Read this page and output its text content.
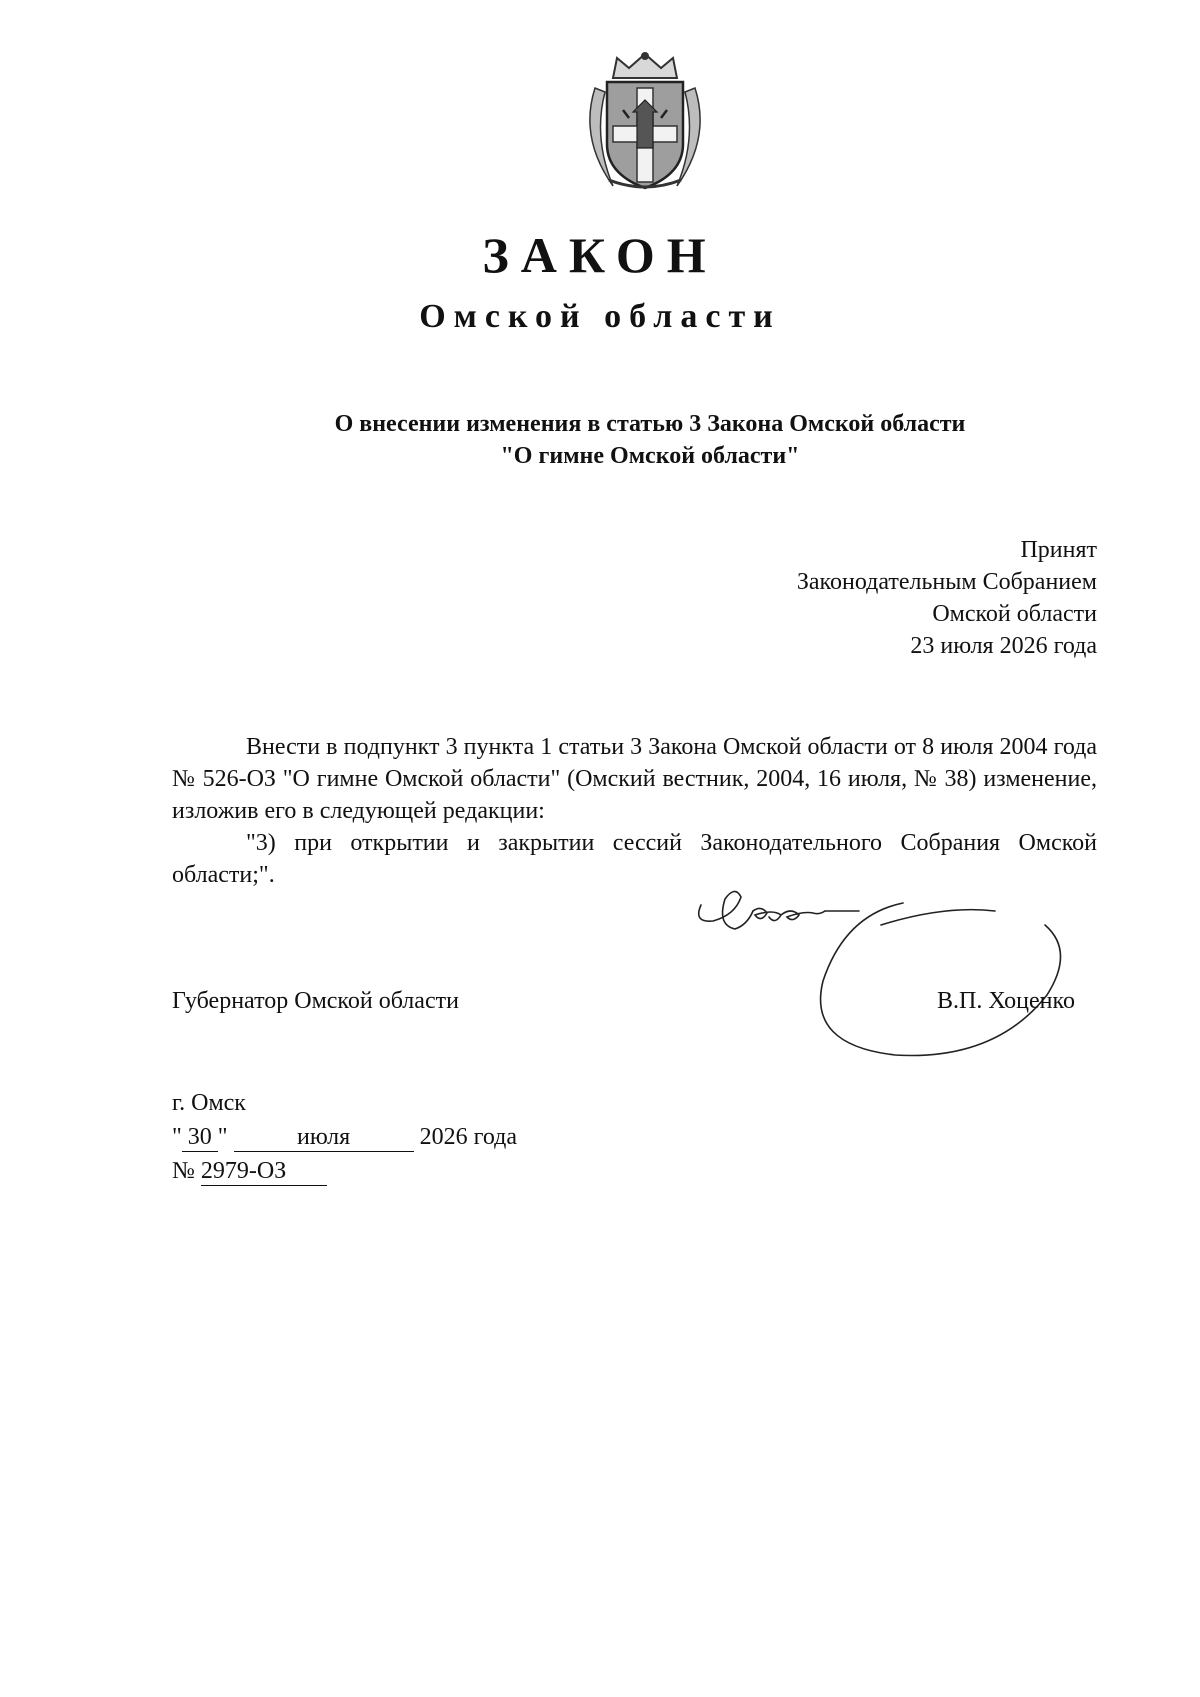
ЗАКОН
Омской области
О внесении изменения в статью 3 Закона Омской области
"О гимне Омской области"
Принят
Законодательным Собранием
Омской области
23 июля 2026 года

Внести в подпункт 3 пункта 1 статьи 3 Закона Омской области от 8 июля 2004 года № 526-ОЗ "О гимне Омской области" (Омский вестник, 2004, 16 июля, № 38) изменение, изложив его в следующей редакции:

"3) при открытии и закрытии сессий Законодательного Собрания Омской области;".

Губернатор Омской области	В.П. Хоценко
г. Омск
" 30 "	июля	2026 года
№ 2979-ОЗ
